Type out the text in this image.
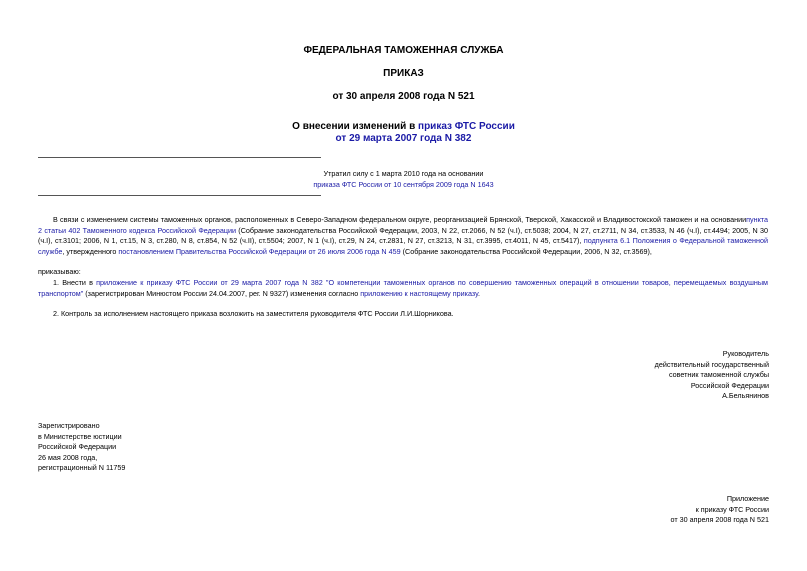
ФЕДЕРАЛЬНАЯ ТАМОЖЕННАЯ СЛУЖБА
ПРИКАЗ
от 30 апреля 2008 года N 521
О внесении изменений в приказ ФТС России
от 29 марта 2007 года N 382
Утратил силу с 1 марта 2010 года на основании
приказа ФТС России от 10 сентября 2009 года N 1643
В связи с изменением системы таможенных органов, расположенных в Северо-Западном федеральном округе, реорганизацией Брянской, Тверской, Хакасской и Владивостокской таможен и на основаниипункта 2 статьи 402 Таможенного кодекса Российской Федерации (Собрание законодательства Российской Федерации, 2003, N 22, ст.2066, N 52 (ч.I), ст.5038; 2004, N 27, ст.2711, N 34, ст.3533, N 46 (ч.I), ст.4494; 2005, N 30 (ч.I), ст.3101; 2006, N 1, ст.15, N 3, ст.280, N 8, ст.854, N 52 (ч.II), ст.5504; 2007, N 1 (ч.I), ст.29, N 24, ст.2831, N 27, ст.3213, N 31, ст.3995, ст.4011, N 45, ст.5417), подпункта 6.1 Положения о Федеральной таможенной службе, утвержденного постановлением Правительства Российской Федерации от 26 июля 2006 года N 459 (Собрание законодательства Российской Федерации, 2006, N 32, ст.3569),
приказываю:
1. Внести в приложение к приказу ФТС России от 29 марта 2007 года N 382 "О компетенции таможенных органов по совершению таможенных операций в отношении товаров, перемещаемых воздушным транспортом" (зарегистрирован Минюстом России 24.04.2007, рег. N 9327) изменения согласно приложению к настоящему приказу.
2. Контроль за исполнением настоящего приказа возложить на заместителя руководителя ФТС России Л.И.Шорникова.
Руководитель
действительный государственный
советник таможенной службы
Российской Федерации
А.Бельянинов
Зарегистрировано
в Министерстве юстиции
Российской Федерации
26 мая 2008 года,
регистрационный N 11759
Приложение
к приказу ФТС России
от 30 апреля 2008 года N 521
